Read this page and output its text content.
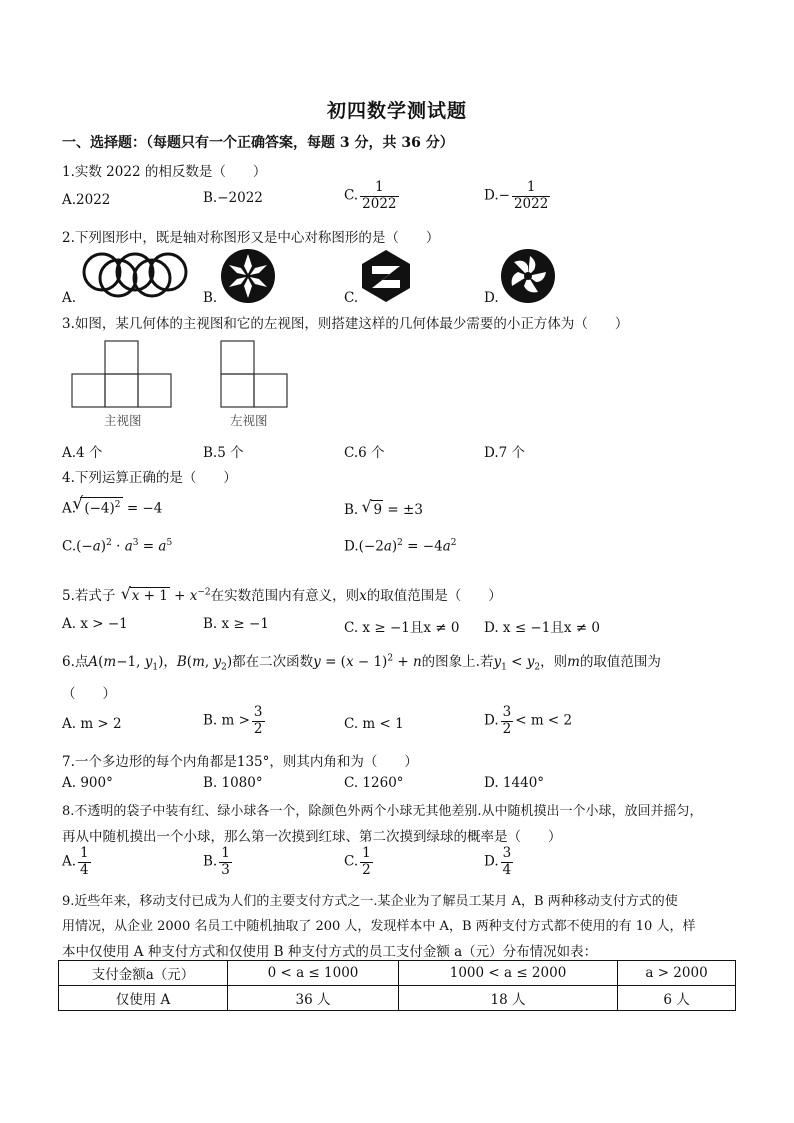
初四数学测试题
一、选择题：（每题只有一个正确答案，每题 3 分，共 36 分）
1.实数 2022 的相反数是（　　）
A.2022	B.−2022	C. $\frac{1}{2022}$	$D.- \frac{1}{2022}$
2.下列图形中，既是轴对称图形又是中心对称图形的是（　　）
A.	B.	C.	D.
3.如图，某几何体的主视图和它的左视图，则搭建这样的几何体最少需要的小正方体为（　　）
主视图	左视图
A.4 个	B.5 个	C.6 个	D.7 个
4.下列运算正确的是（　　）
A.
√ $(-4)^2 = -4$	B. √ 9 = ±3
$C.(-a)^2 \cdot a^3 = a^5$	$D.(-2a)^2 = -4a^2$
5.若式子 √ $x + 1 + x^{-2}$在实数范围内有意义，则x的取值范围是（　　）
A. x > −1	B. x ≥ −1	C. x ≥ −1且x ≠ 0 D. x ≤ −1且x ≠ 0
6.点A(m−1, $y_1$)，B(m, $y_2$)都在二次函数$y = (x - 1)^2 + n$的图象上.若$y_1 < y_2$，则m的取值范围为
（　　）
A. m > 2	B. $m > \frac{3}{2}$	C. m < 1	D. $\frac{3}{2} < m < 2$
7.一个多边形的每个内角都是135°，则其内角和为（　　）
A. 900°	B. 1080°	C. 1260°	D. 1440°
8.不透明的袋子中装有红、绿小球各一个，除颜色外两个小球无其他差别.从中随机摸出一个小球，放回并摇匀，
再从中随机摸出一个小球，那么第一次摸到红球、第二次摸到绿球的概率是（　　）
A. $\frac{1}{4}$	B. $\frac{1}{3}$	C. $\frac{1}{2}$	D. $\frac{3}{4}$
9.近些年来，移动支付已成为人们的主要支付方式之一.某企业为了解员工某月 A，B 两种移动支付方式的使
用情况，从企业 2000 名员工中随机抽取了 200 人，发现样本中 A，B 两种支付方式都不使用的有 10 人，样
本中仅使用 A 种支付方式和仅使用 B 种支付方式的员工支付金额 a（元）分布情况如表：
支付金额a（元）	0 < a ≤ 1000	1000 < a ≤ 2000	a > 2000
仅使用 A	36 人	18 人	6 人
